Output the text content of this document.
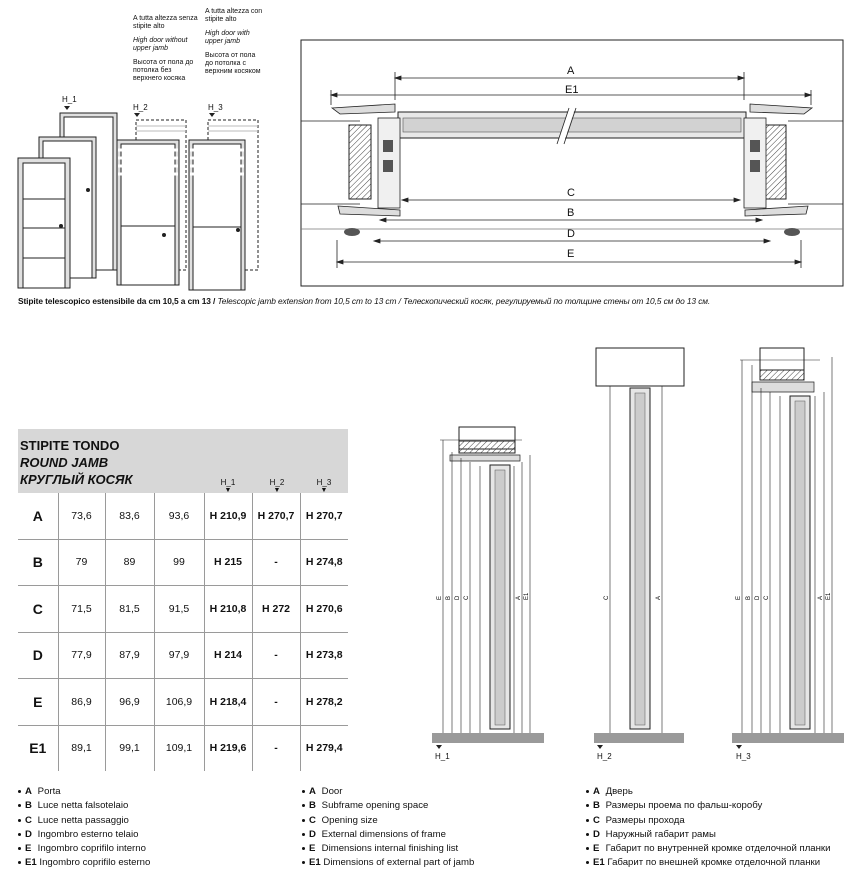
A tutta altezza senza stipite alto
High door without upper jamb
Высота от пола до потолка без верхнего косяка
A tutta altezza con stipite alto
High door with upper jamb
Высота от пола до потолка с верхним косяком
H_1
H_2	H_3
A
E1
C
B
D
E
Stipite telescopico estensibile da cm 10,5 a cm 13 / Telescopic jamb extension from 10,5 cm to 13 cm / Телескопический косяк, регулируемый по толщине стены от 10,5 см до 13 см.
STIPITE TONDO
ROUND JAMB
КРУГЛЫЙ КОСЯК	H_1
▼
H_2
▼
H_3
▼
A	73,6	83,6	93,6	H 210,9	H 270,7	H 270,7
B	79	89	99	H 215	-	H 274,8
C	71,5	81,5	91,5	H 210,8	H 272	H 270,6
D	77,9	87,9	97,9	H 214	-	H 273,8
E	86,9	96,9	106,9	H 218,4	-	H 278,2
E1	89,1	99,1	109,1	H 219,6	-	H 279,4
E B D C	A E1	C	A	E B D C	A E1
H_1	H_2	H_3
A Porta
B Luce netta falsotelaio
C Luce netta passaggio
D Ingombro esterno telaio
E Ingombro coprifilo interno
E1 Ingombro coprifilo esterno
A Door
B Subframe opening space
C Opening size
D External dimensions of frame
E Dimensions internal finishing list
E1 Dimensions of external part of jamb
A Дверь
B Размеры проема по фальш-коробу
C Размеры прохода
D Наружный габарит рамы
E Габарит по внутренней кромке отделочной планки
E1 Габарит по внешней кромке отделочной планки
